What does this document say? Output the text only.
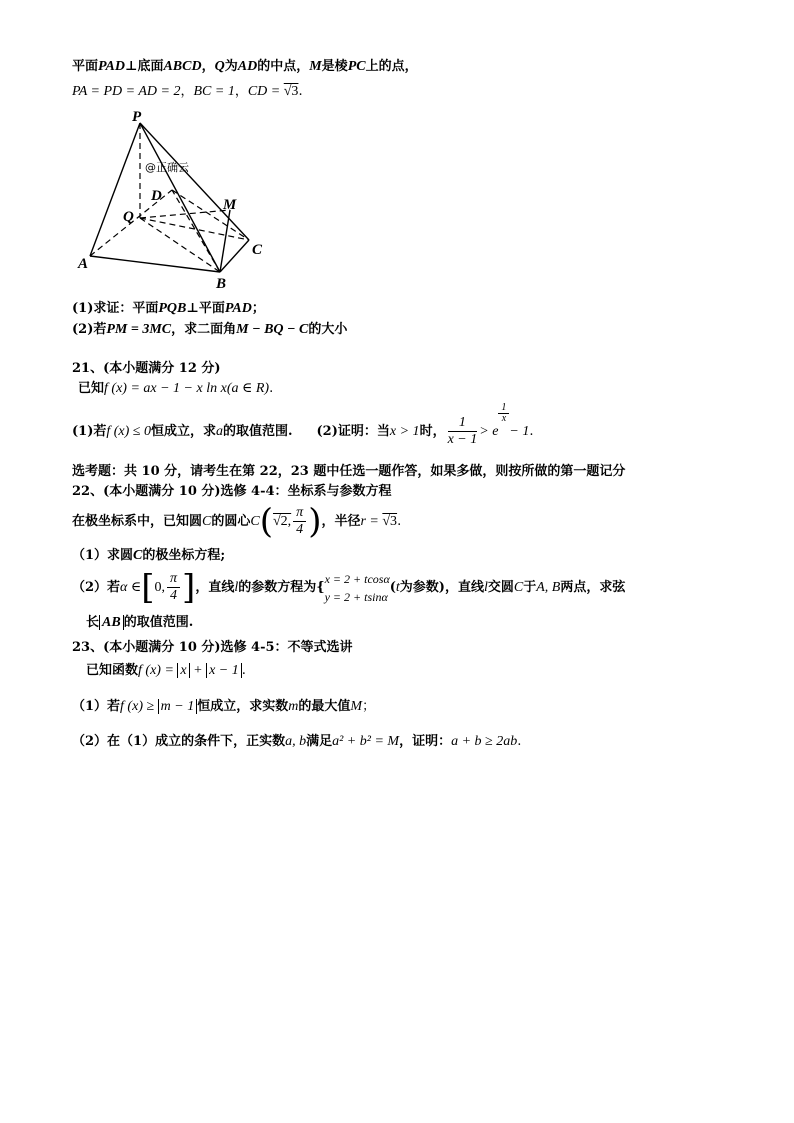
平面PAD⊥底面ABCD，Q为AD的中点，M是棱PC上的点，
PA = PD = AD = 2，BC = 1，CD = √3.
P
D
Q
M
A
B
C
@正确云
(1)求证：平面PQB⊥平面PAD；
(2)若PM = 3MC，求二面角M − BQ − C的大小
21、(本小题满分 12 分)
已知f (x) = ax − 1 − x ln x(a ∈ R).
(1)若f (x) ≤ 0恒成立，求a的取值范围. (2)证明：当x > 1时， $\frac{1}{x - 1} > e$
$\frac{1}{x}$
− 1.
选考题：共 10 分，请考生在第 22，23 题中任选一题作答，如果多做，则按所做的第一题记分
22、(本小题满分 10 分)选修 4-4：坐标系与参数方程
在极坐标系中，已知圆C的圆心C(√2, $\frac{\pi}{4}$ )，半径r = √3.
（1）求圆C的极坐标方程;
（2）若α ∈[0, $\frac{\pi}{4}$ ]，直线l的参数方程为{
x = 2 + tcosα
y = 2 + tsinα
(t为参数)，直线l交圆C于A, B两点，求弦
长 AB 的取值范围.
23、(本小题满分 10 分)选修 4-5：不等式选讲
已知函数f (x) = x + x − 1 .
（1）若f (x) ≥ m − 1 恒成立，求实数m的最大值M；
（2）在（1）成立的条件下，正实数a, b满足a² + b² = M，证明：a + b ≥ 2ab.
